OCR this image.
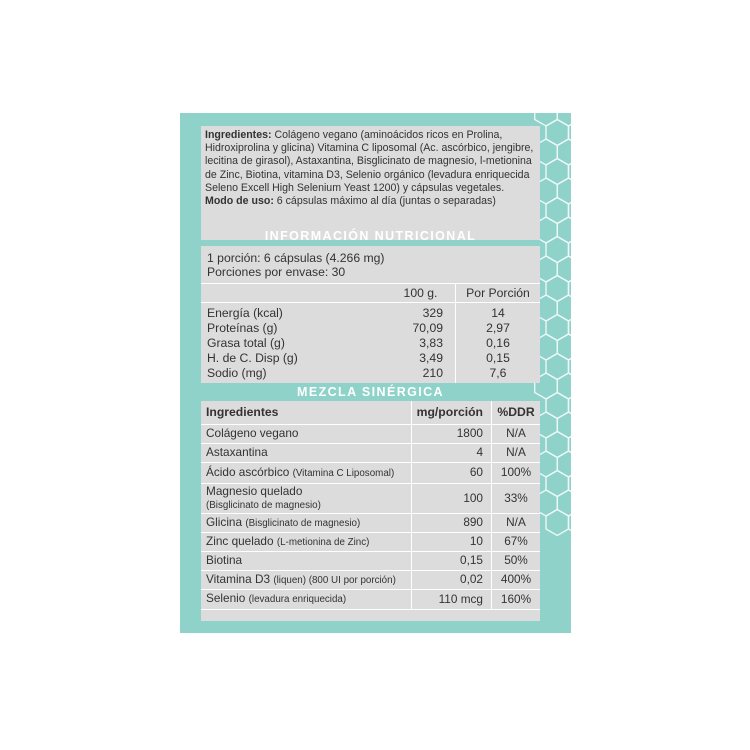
Ingredientes: Colágeno vegano (aminoácidos ricos en Prolina, Hidroxiprolina y glicina) Vitamina C liposomal (Ac. ascórbico, jengibre, lecitina de girasol), Astaxantina, Bisglicinato de magnesio, l-metionina de Zinc, Biotina, vitamina D3, Selenio orgánico (levadura enriquecida Seleno Excell High Selenium Yeast 1200) y cápsulas vegetales.
Modo de uso: 6 cápsulas máximo al día (juntas o separadas)
INFORMACIÓN NUTRICIONAL
1 porción: 6 cápsulas (4.266 mg)
Porciones por envase: 30
100 g.	Por Porción
Energía (kcal)	329	14
Proteínas (g)	70,09	2,97
Grasa total (g)	3,83	0,16
H. de C. Disp (g)	3,49	0,15
Sodio (mg)	210	7,6
MEZCLA SINÉRGICA
Ingredientes	mg/porción	%DDR
Colágeno vegano	1800	N/A
Astaxantina	4	N/A
Ácido ascórbico (Vitamina C Liposomal)	60	100%
Magnesio quelado
(Bisglicinato de magnesio)	100	33%
Glicina (Bisglicinato de magnesio)	890	N/A
Zinc quelado (L-metionina de Zinc)	10	67%
Biotina	0,15	50%
Vitamina D3 (liquen) (800 UI por porción)	0,02	400%
Selenio (levadura enriquecida)	110 mcg	160%
